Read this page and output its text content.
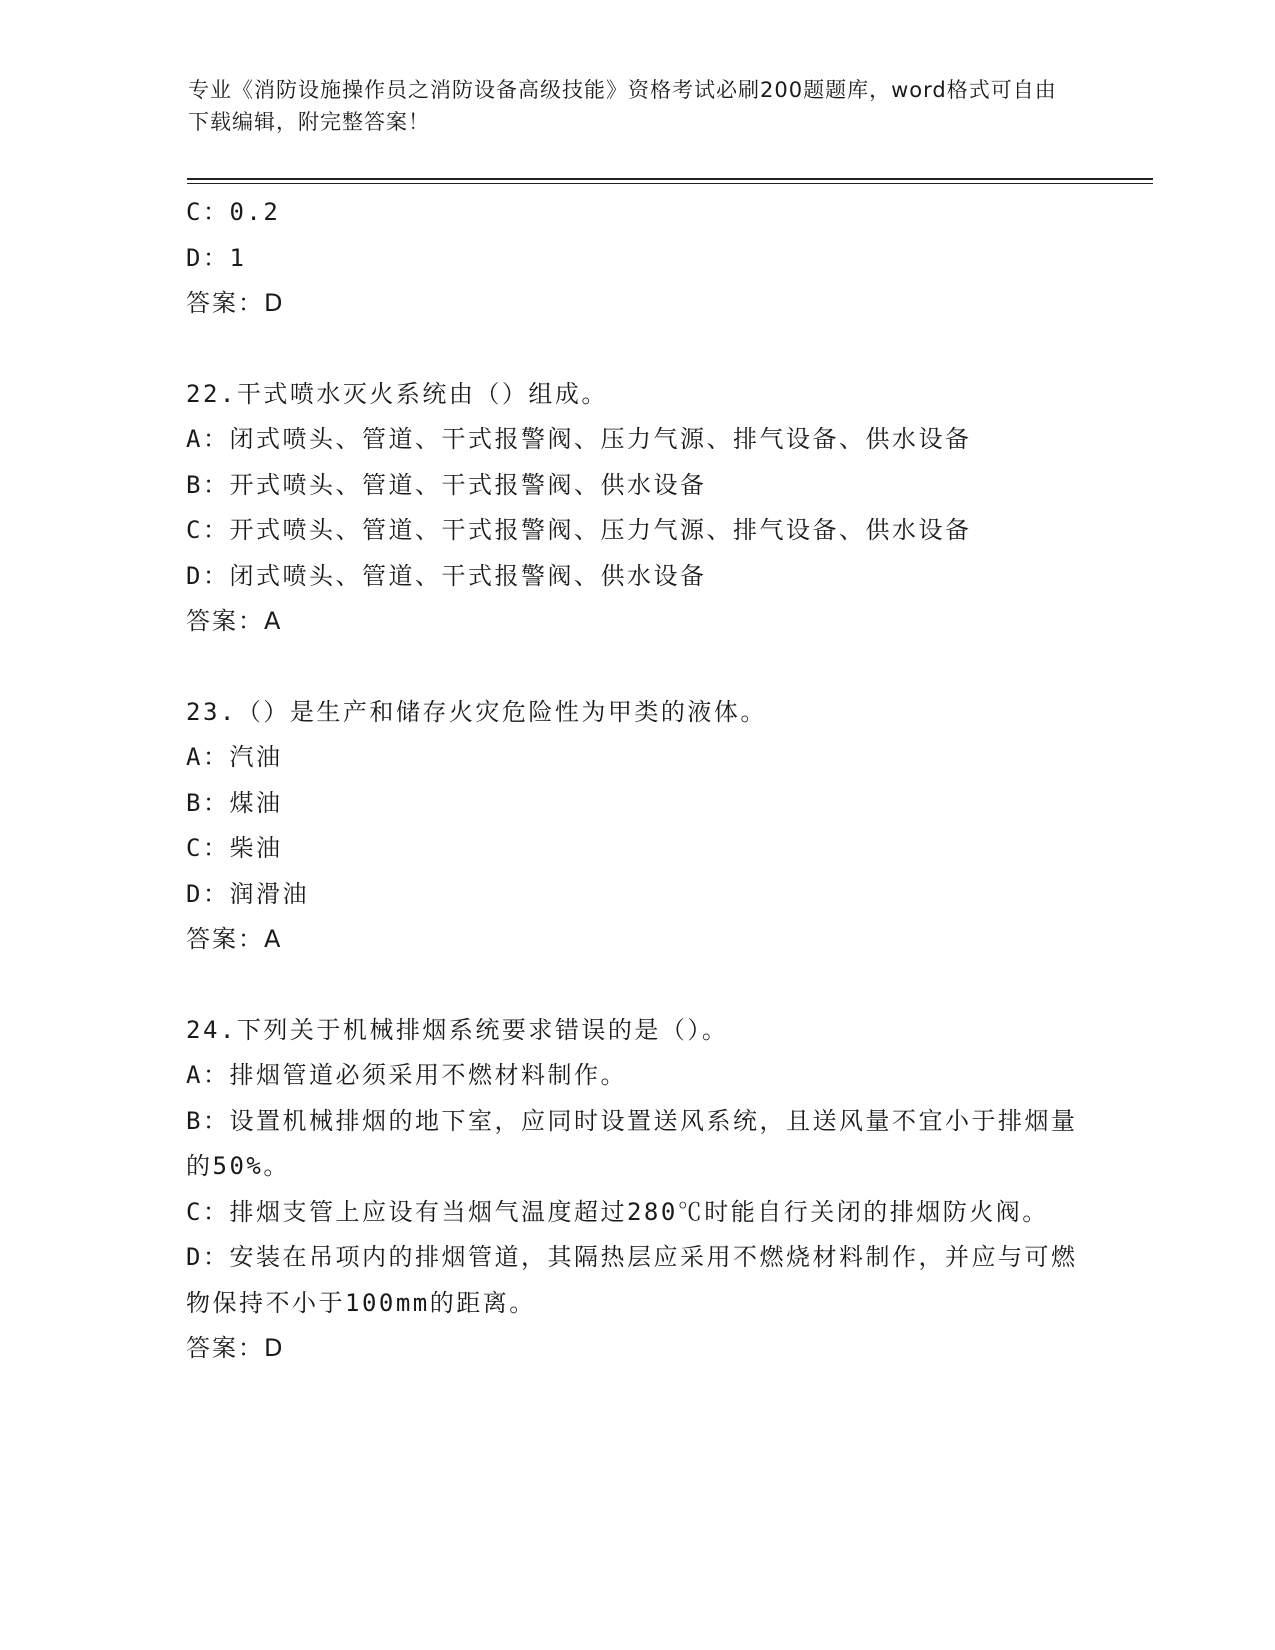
专业《消防设施操作员之消防设备高级技能》资格考试必刷200题题库，word格式可自由下载编辑，附完整答案！
C：0.2
D：1
答案：D
22.干式喷水灭火系统由（）组成。
A：闭式喷头、管道、干式报警阀、压力气源、排气设备、供水设备
B：开式喷头、管道、干式报警阀、供水设备
C：开式喷头、管道、干式报警阀、压力气源、排气设备、供水设备
D：闭式喷头、管道、干式报警阀、供水设备
答案：A
23.（）是生产和储存火灾危险性为甲类的液体。
A：汽油
B：煤油
C：柴油
D：润滑油
答案：A
24.下列关于机械排烟系统要求错误的是（）。
A：排烟管道必须采用不燃材料制作。
B：设置机械排烟的地下室，应同时设置送风系统，且送风量不宜小于排烟量的50%。
C：排烟支管上应设有当烟气温度超过280℃时能自行关闭的排烟防火阀。
D：安装在吊项内的排烟管道，其隔热层应采用不燃烧材料制作，并应与可燃物保持不小于100mm的距离。
答案：D
